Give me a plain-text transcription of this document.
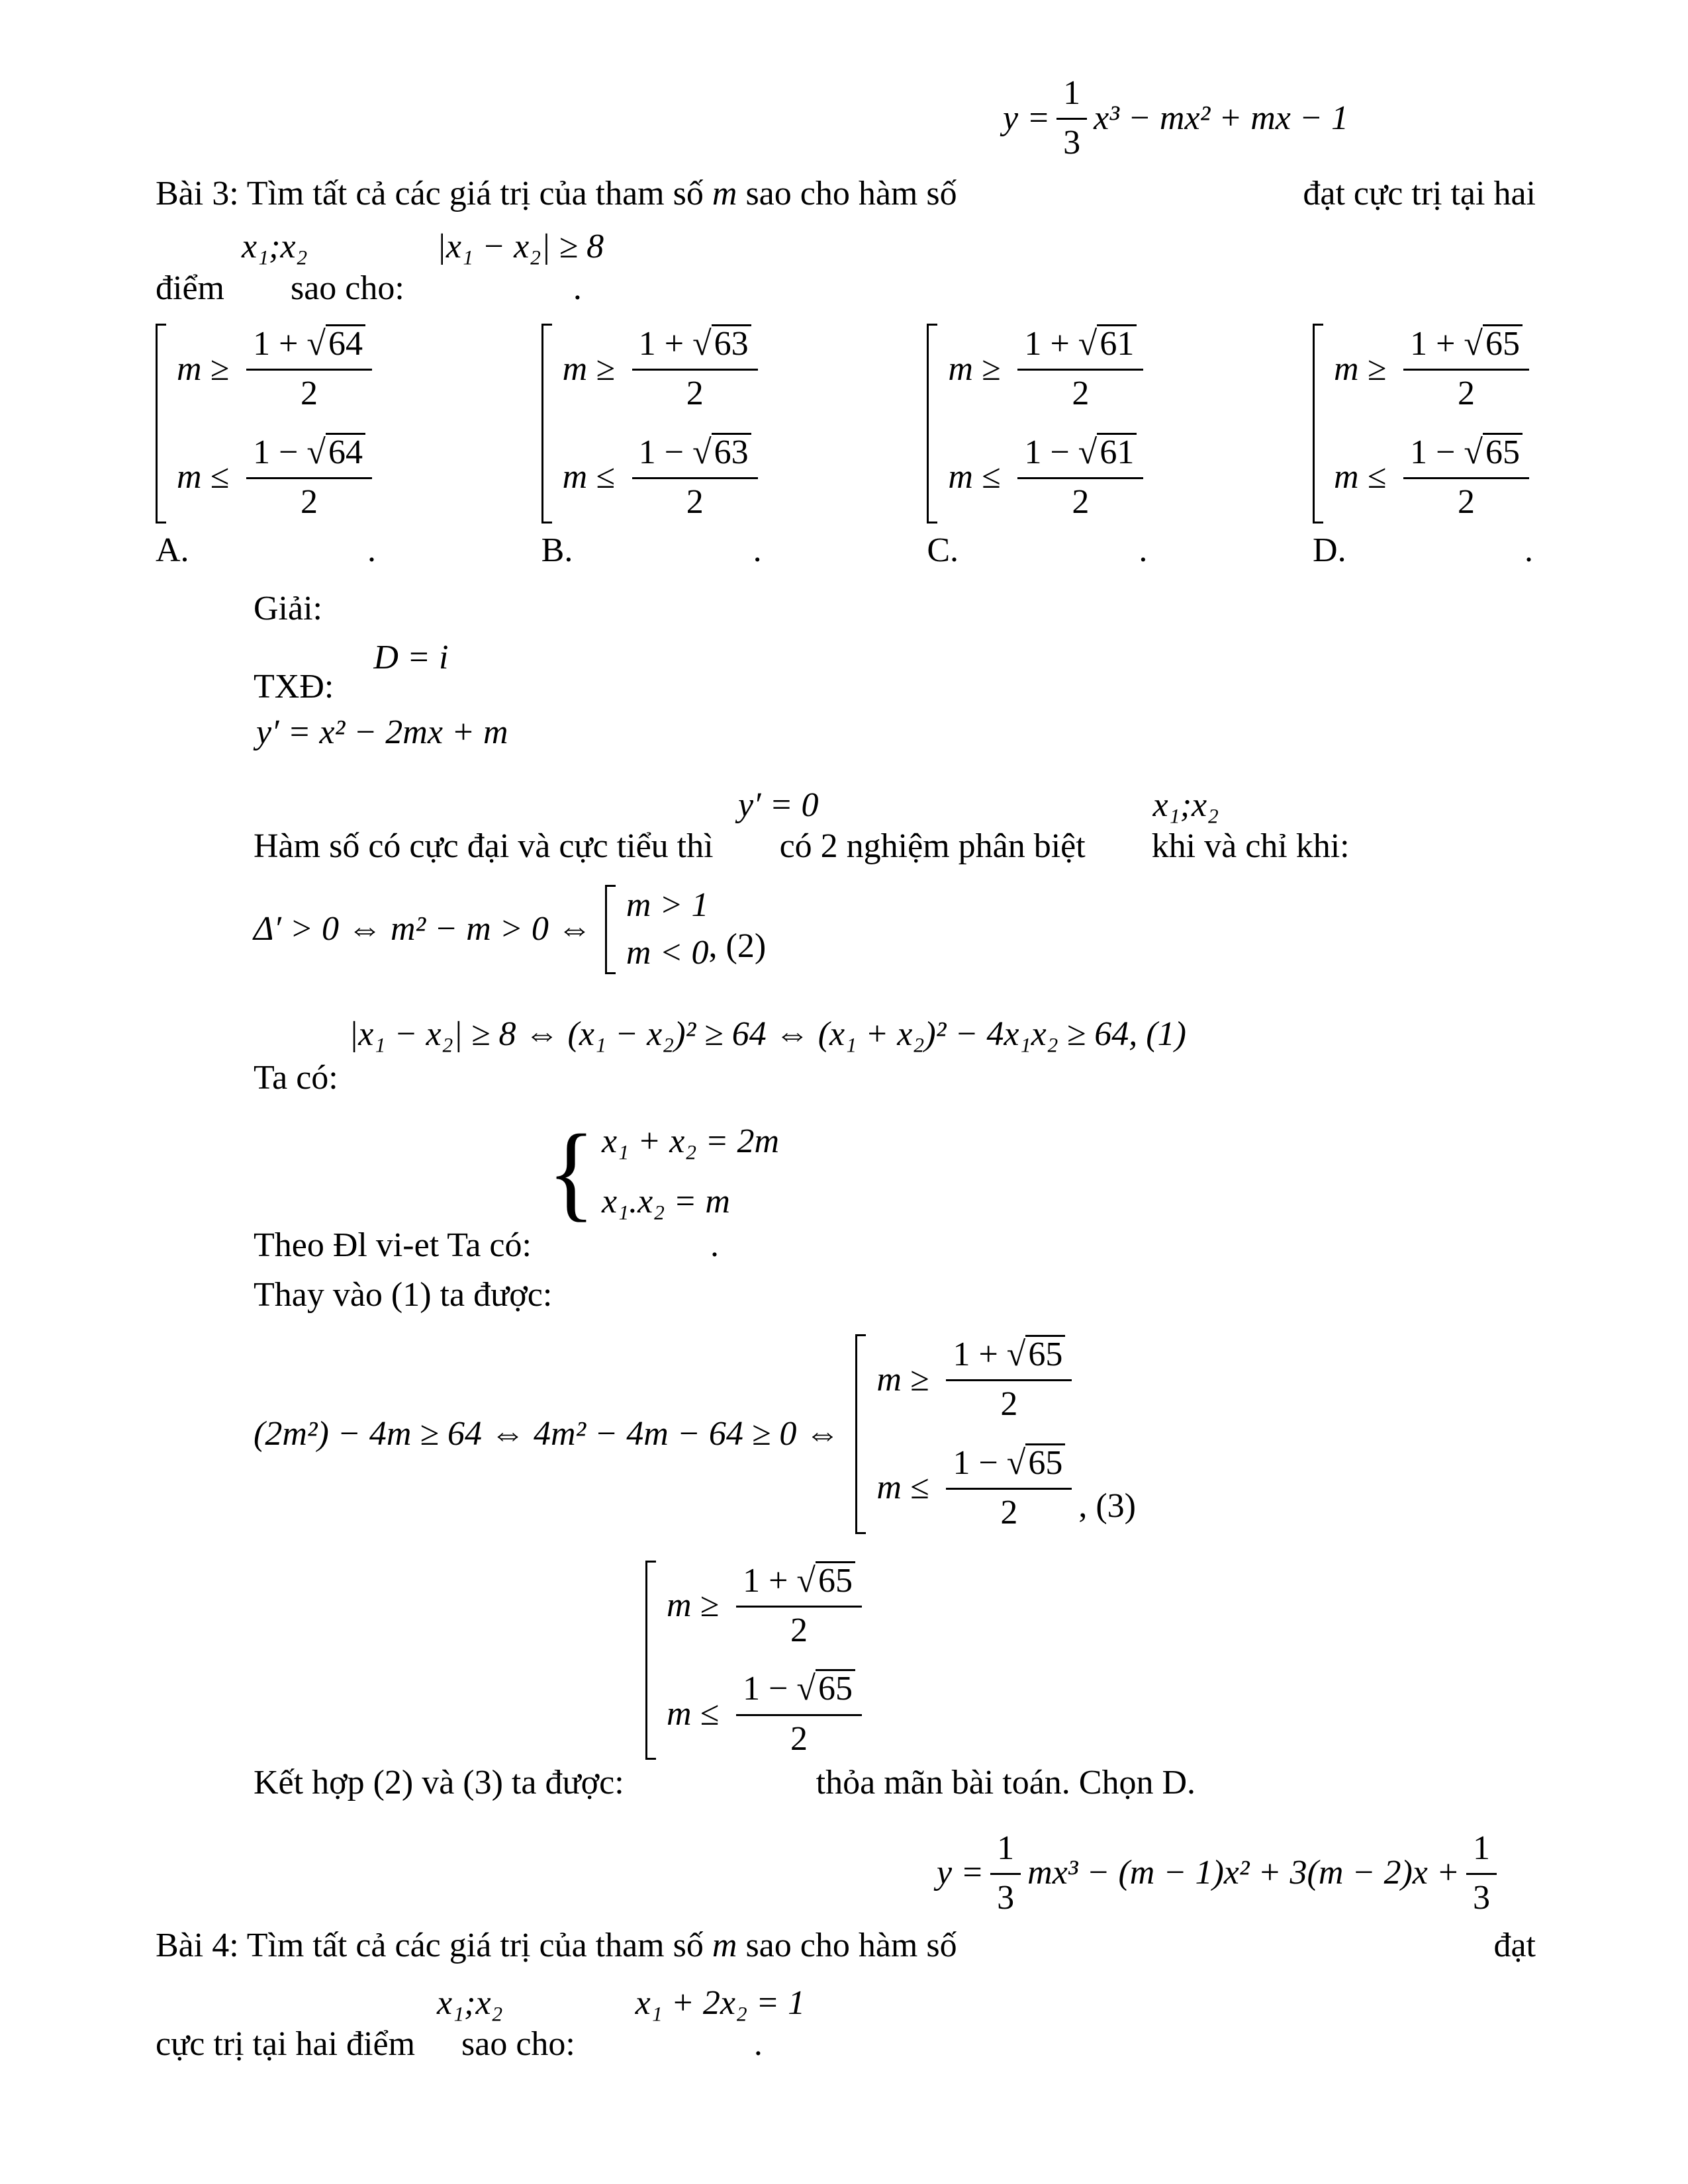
$y = \frac{1}{3} x^3 - mx^2$ + mx − 1
Bài 3: Tìm tất cả các giá trị của tham số m sao cho hàm số	đạt cực trị tại hai
x₁;x₂	|x₁ − x₂| ≥ 8
điểm sao cho:	.
$m \ge \frac{1 + √ 64}{2}$
$m \le \frac{1 - √ 64}{2}$
A.	.
$m \ge \frac{1 + √ 63}{2}$
$m \le \frac{1 - √ 63}{2}$
B.	.
$m \ge \frac{1 + √ 61}{2}$
$m \le \frac{1 - √ 61}{2}$
C.	.
$m \ge \frac{1 + √ 65}{2}$
$m \le \frac{1 - √ 65}{2}$
D.	.
Giải:
TXĐ:
D = i
y′ = x² − 2mx + m
y′ = 0	x₁;x₂
Hàm số có cực đại và cực tiểu thì có 2 nghiệm phân biệt khi và chỉ khi:
Δ′ > 0 ⇔ m² − m > 0 ⇔
m > 1
m < 0 , (2)
|x₁ − x₂| ≥ 8 ⇔ (x₁ − x₂)² ≥ 64 ⇔ (x₁ + x₂)² − 4x₁x₂ ≥ 64, (1)
Ta có:
{ x₁ + x₂ = 2m
x₁.x₂ = m
Theo Đl vi-et Ta có:	.
Thay vào (1) ta được:
(2m²) − 4m ≥ 64 ⇔ 4m² − 4m − 64 ≥ 0 ⇔
$m \ge \frac{1 + √ 65}{2}$
$m \le \frac{1 - √ 65}{2}$ , (3)
$m \ge \frac{1 + √ 65}{2}$
$m \le \frac{1 - √ 65}{2}$
Kết hợp (2) và (3) ta được:	thỏa mãn bài toán. Chọn D.
$y = \frac{1}{3} mx^3 - (m - 1)x^2 + 3(m - 2)x + \frac{1}{3}$
Bài 4: Tìm tất cả các giá trị của tham số m sao cho hàm số	đạt
x₁;x₂	x₁ + 2x₂ = 1
cực trị tại hai điểm sao cho:	.
